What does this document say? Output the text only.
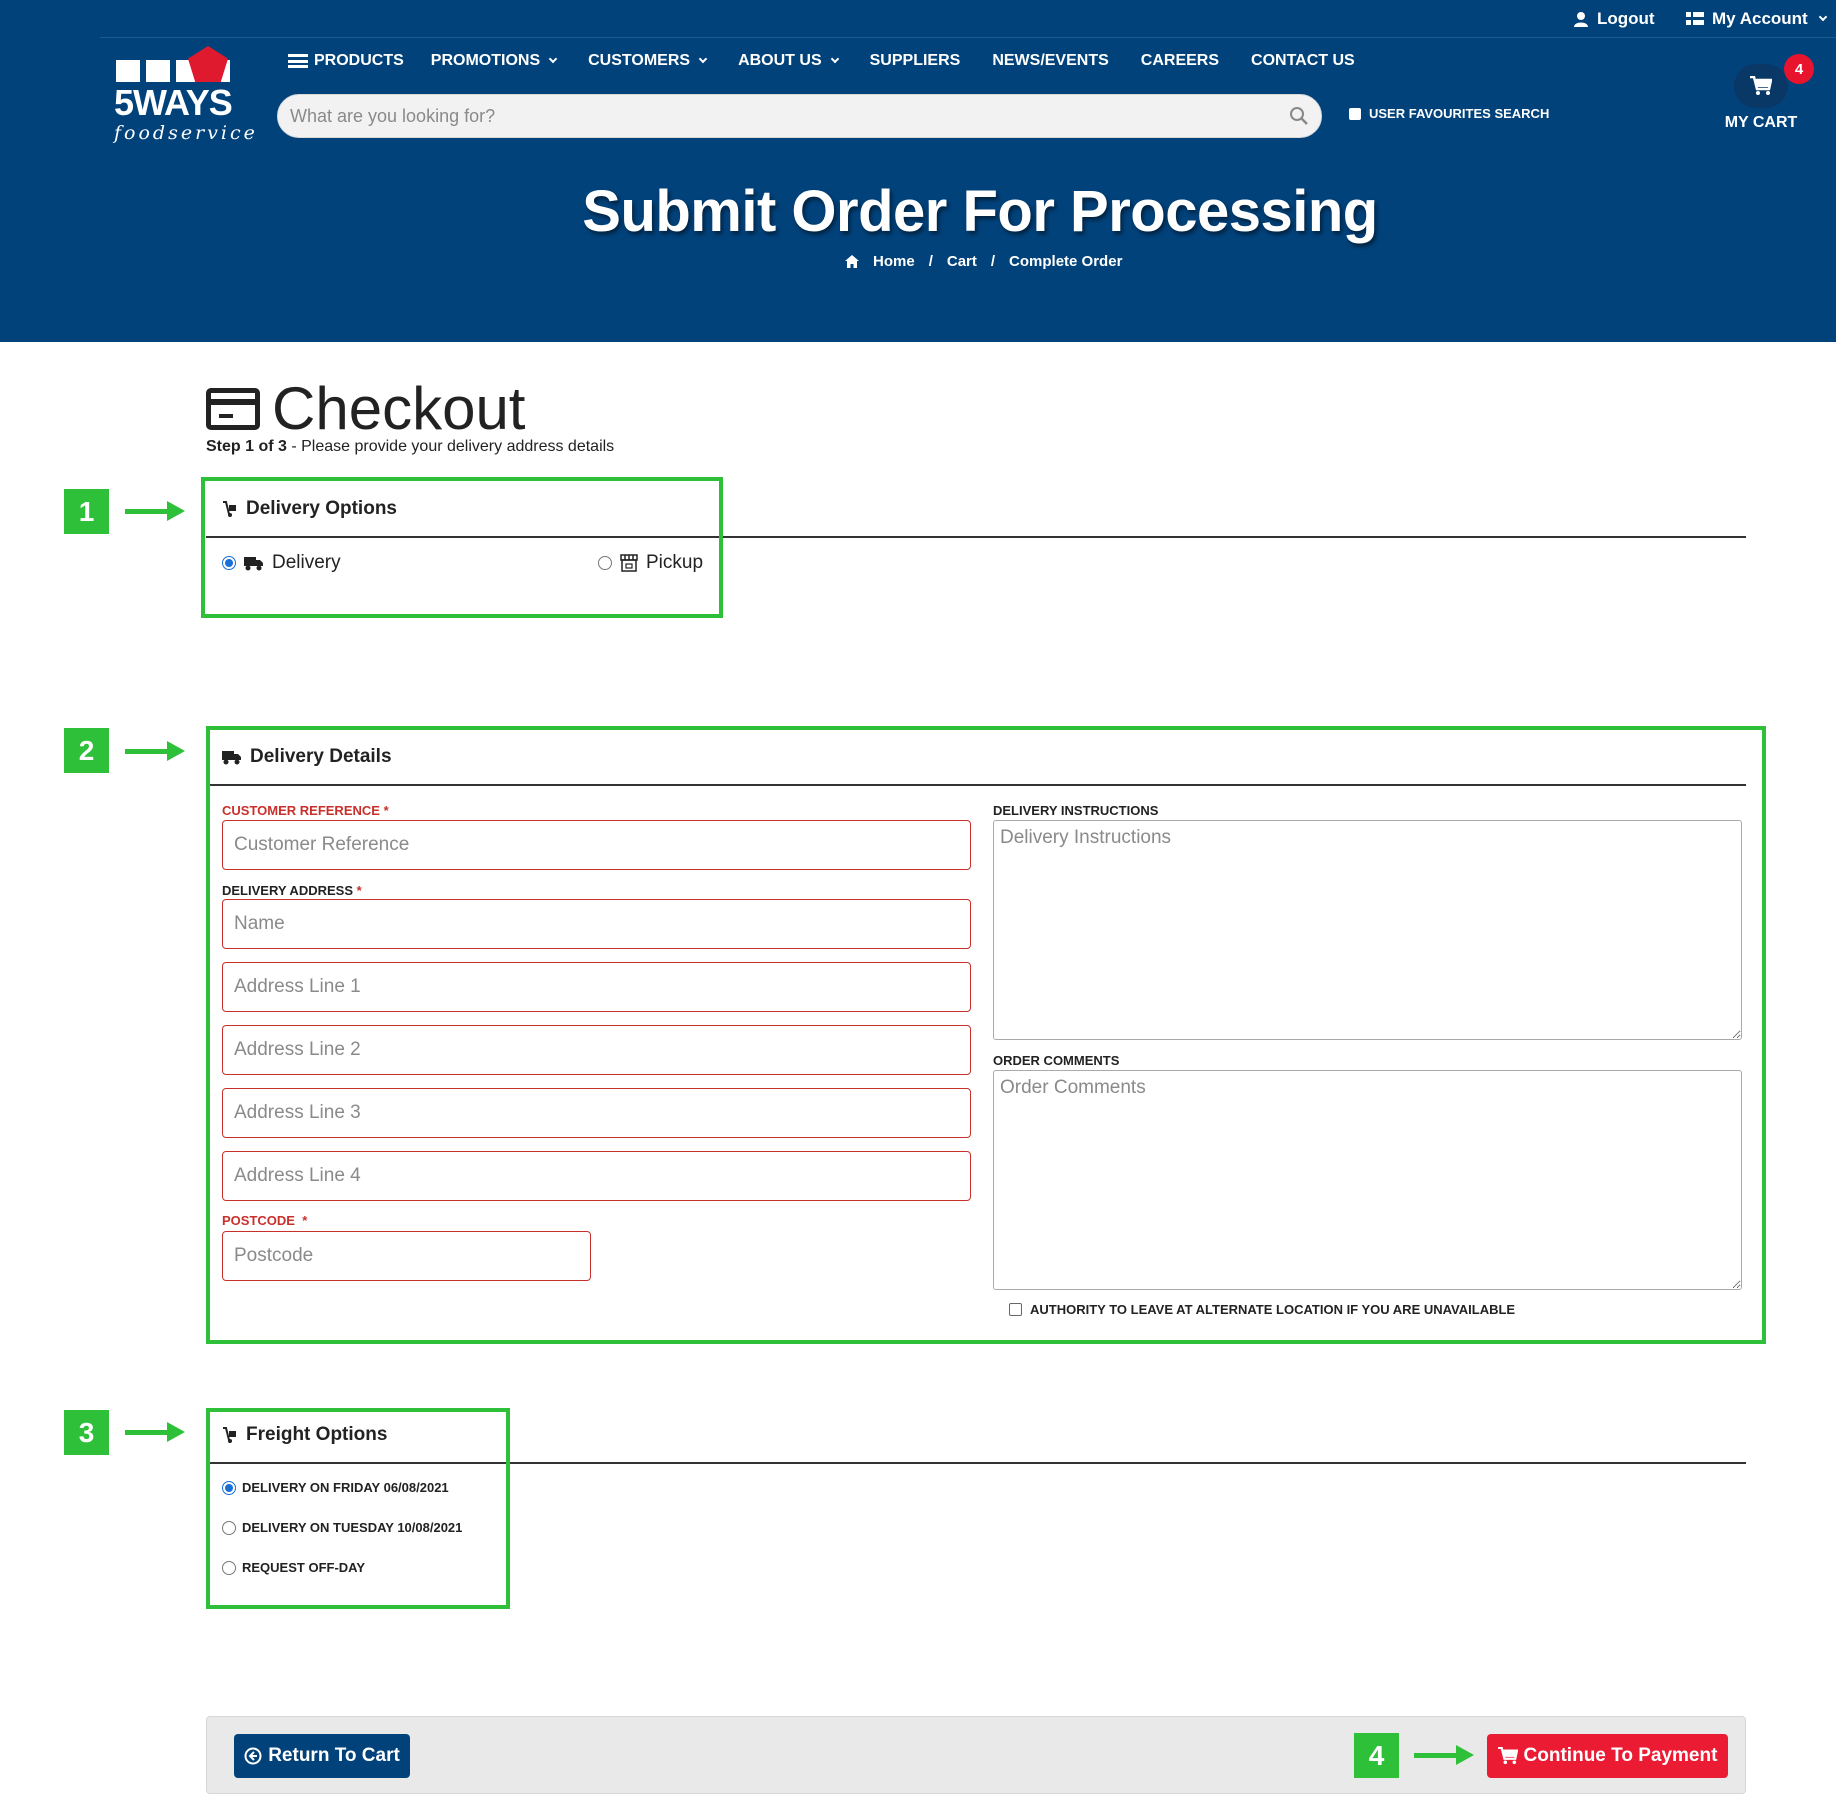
Logout	My Account
5WAYS
foodservice
PRODUCTS PROMOTIONS	CUSTOMERS	ABOUT US	SUPPLIERS NEWS/EVENTS CAREERS CONTACT US
What are you looking for?
USER FAVOURITES SEARCH
4
MY CART
Submit Order For Processing
Home / Cart / Complete Order
Checkout
Step 1 of 3 - Please provide your delivery address details
Delivery Options
Delivery	Pickup
Delivery Details
CUSTOMER REFERENCE *
Customer Reference
DELIVERY ADDRESS *
Name
Address Line 1
Address Line 2
Address Line 3
Address Line 4
POSTCODE *
Postcode
DELIVERY INSTRUCTIONS
Delivery Instructions
ORDER COMMENTS
Order Comments
AUTHORITY TO LEAVE AT ALTERNATE LOCATION IF YOU ARE UNAVAILABLE
Freight Options
DELIVERY ON FRIDAY 06/08/2021
DELIVERY ON TUESDAY 10/08/2021
REQUEST OFF-DAY
Return To Cart	Continue To Payment
1
2
3
4
